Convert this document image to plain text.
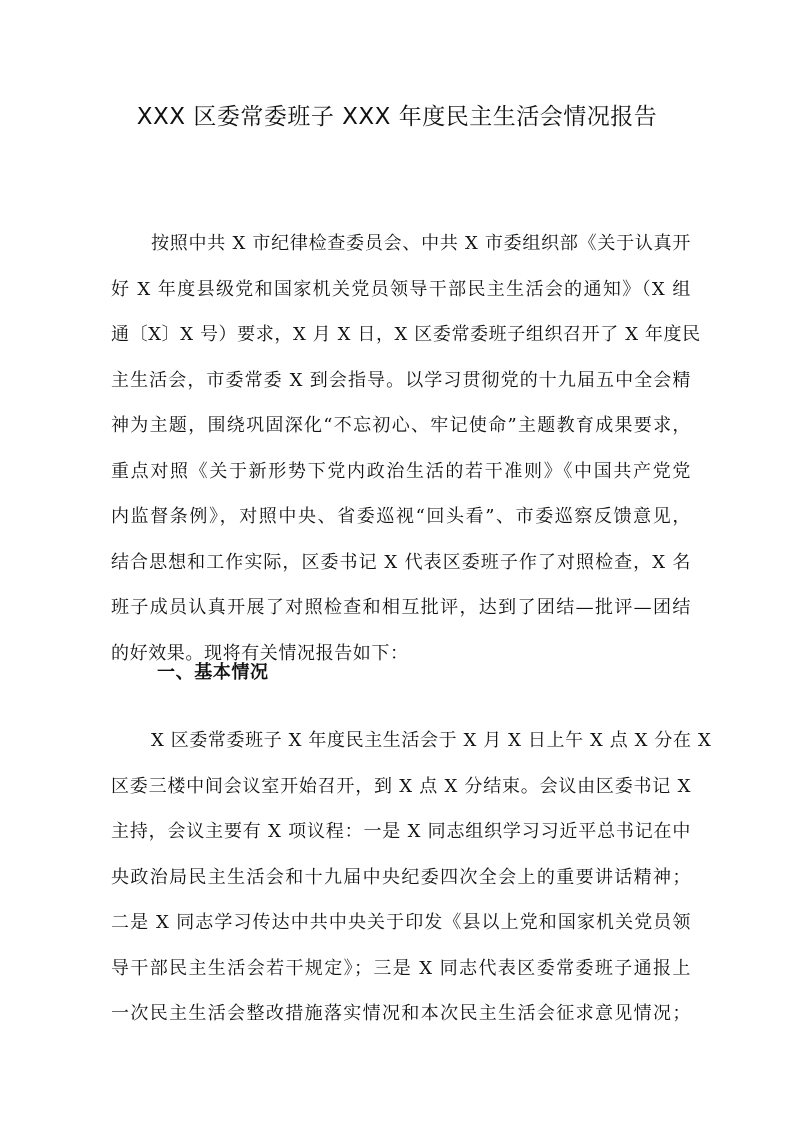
XXX 区委常委班子 XXX 年度民主生活会情况报告
按照中共 X 市纪律检查委员会、中共 X 市委组织部《关于认真开
好 X 年度县级党和国家机关党员领导干部民主生活会的通知》（X 组
通〔X〕X 号）要求，X 月 X 日，X 区委常委班子组织召开了 X 年度民
主生活会，市委常委 X 到会指导。以学习贯彻党的十九届五中全会精
神为主题，围绕巩固深化“不忘初心、牢记使命”主题教育成果要求，
重点对照《关于新形势下党内政治生活的若干准则》《中国共产党党
内监督条例》，对照中央、省委巡视“回头看”、市委巡察反馈意见，
结合思想和工作实际，区委书记 X 代表区委班子作了对照检查，X 名
班子成员认真开展了对照检查和相互批评，达到了团结—批评—团结
的好效果。现将有关情况报告如下：
一、基本情况
X 区委常委班子 X 年度民主生活会于 X 月 X 日上午 X 点 X 分在 X
区委三楼中间会议室开始召开，到 X 点 X 分结束。会议由区委书记 X
主持，会议主要有 X 项议程：一是 X 同志组织学习习近平总书记在中
央政治局民主生活会和十九届中央纪委四次全会上的重要讲话精神；
二是 X 同志学习传达中共中央关于印发《县以上党和国家机关党员领
导干部民主生活会若干规定》；三是 X 同志代表区委常委班子通报上
一次民主生活会整改措施落实情况和本次民主生活会征求意见情况；
